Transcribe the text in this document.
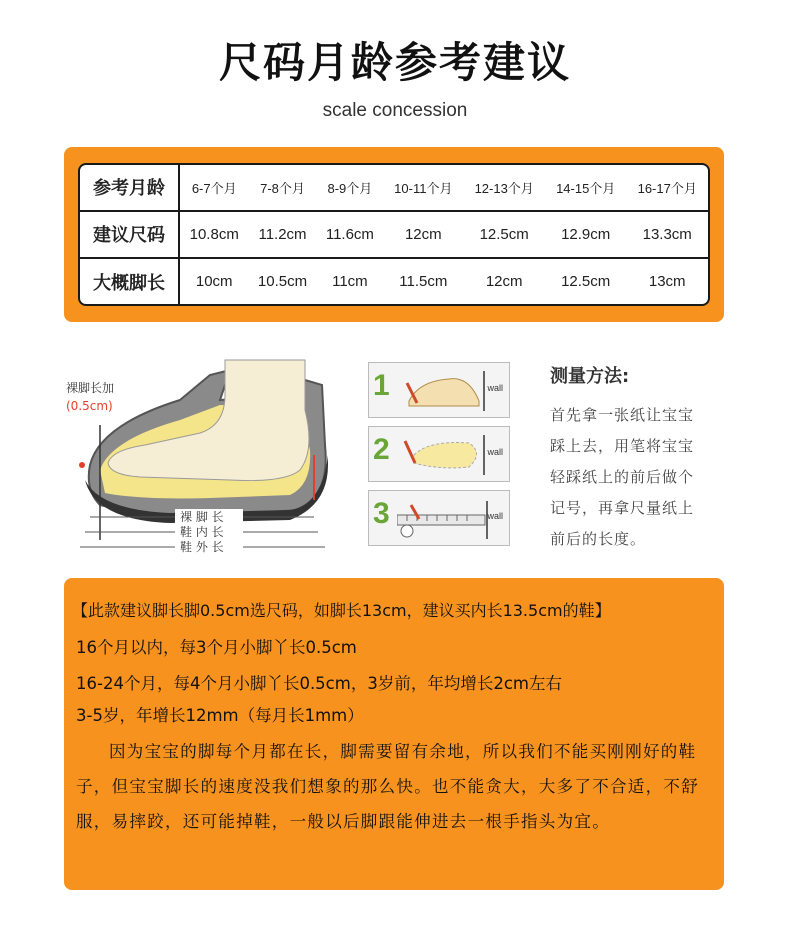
尺码月龄参考建议
scale concession
参考月龄	6-7个月	7-8个月	8-9个月	10-11个月	12-13个月	14-15个月	16-17个月
建议尺码	10.8cm	11.2cm	11.6cm	12cm	12.5cm	12.9cm	13.3cm
大概脚长	10cm	10.5cm	11cm	11.5cm	12cm	12.5cm	13cm
裸脚长加
(0.5cm)
裸 脚 长
鞋 内 长
鞋 外 长
1	wall
2	wall
3	wall
测量方法:
首先拿一张纸让宝宝
踩上去，用笔将宝宝
轻踩纸上的前后做个
记号，再拿尺量纸上
前后的长度。
【此款建议脚长脚0.5cm选尺码，如脚长13cm，建议买内长13.5cm的鞋】
16个月以内，每3个月小脚丫长0.5cm
16-24个月，每4个月小脚丫长0.5cm，3岁前，年均增长2cm左右
3-5岁，年增长12mm（每月长1mm）
因为宝宝的脚每个月都在长，脚需要留有余地，所以我们不能买刚刚好的鞋子，但宝宝脚长的速度没我们想象的那么快。也不能贪大，大多了不合适，不舒服，易摔跤，还可能掉鞋，一般以后脚跟能伸进去一根手指头为宜。
